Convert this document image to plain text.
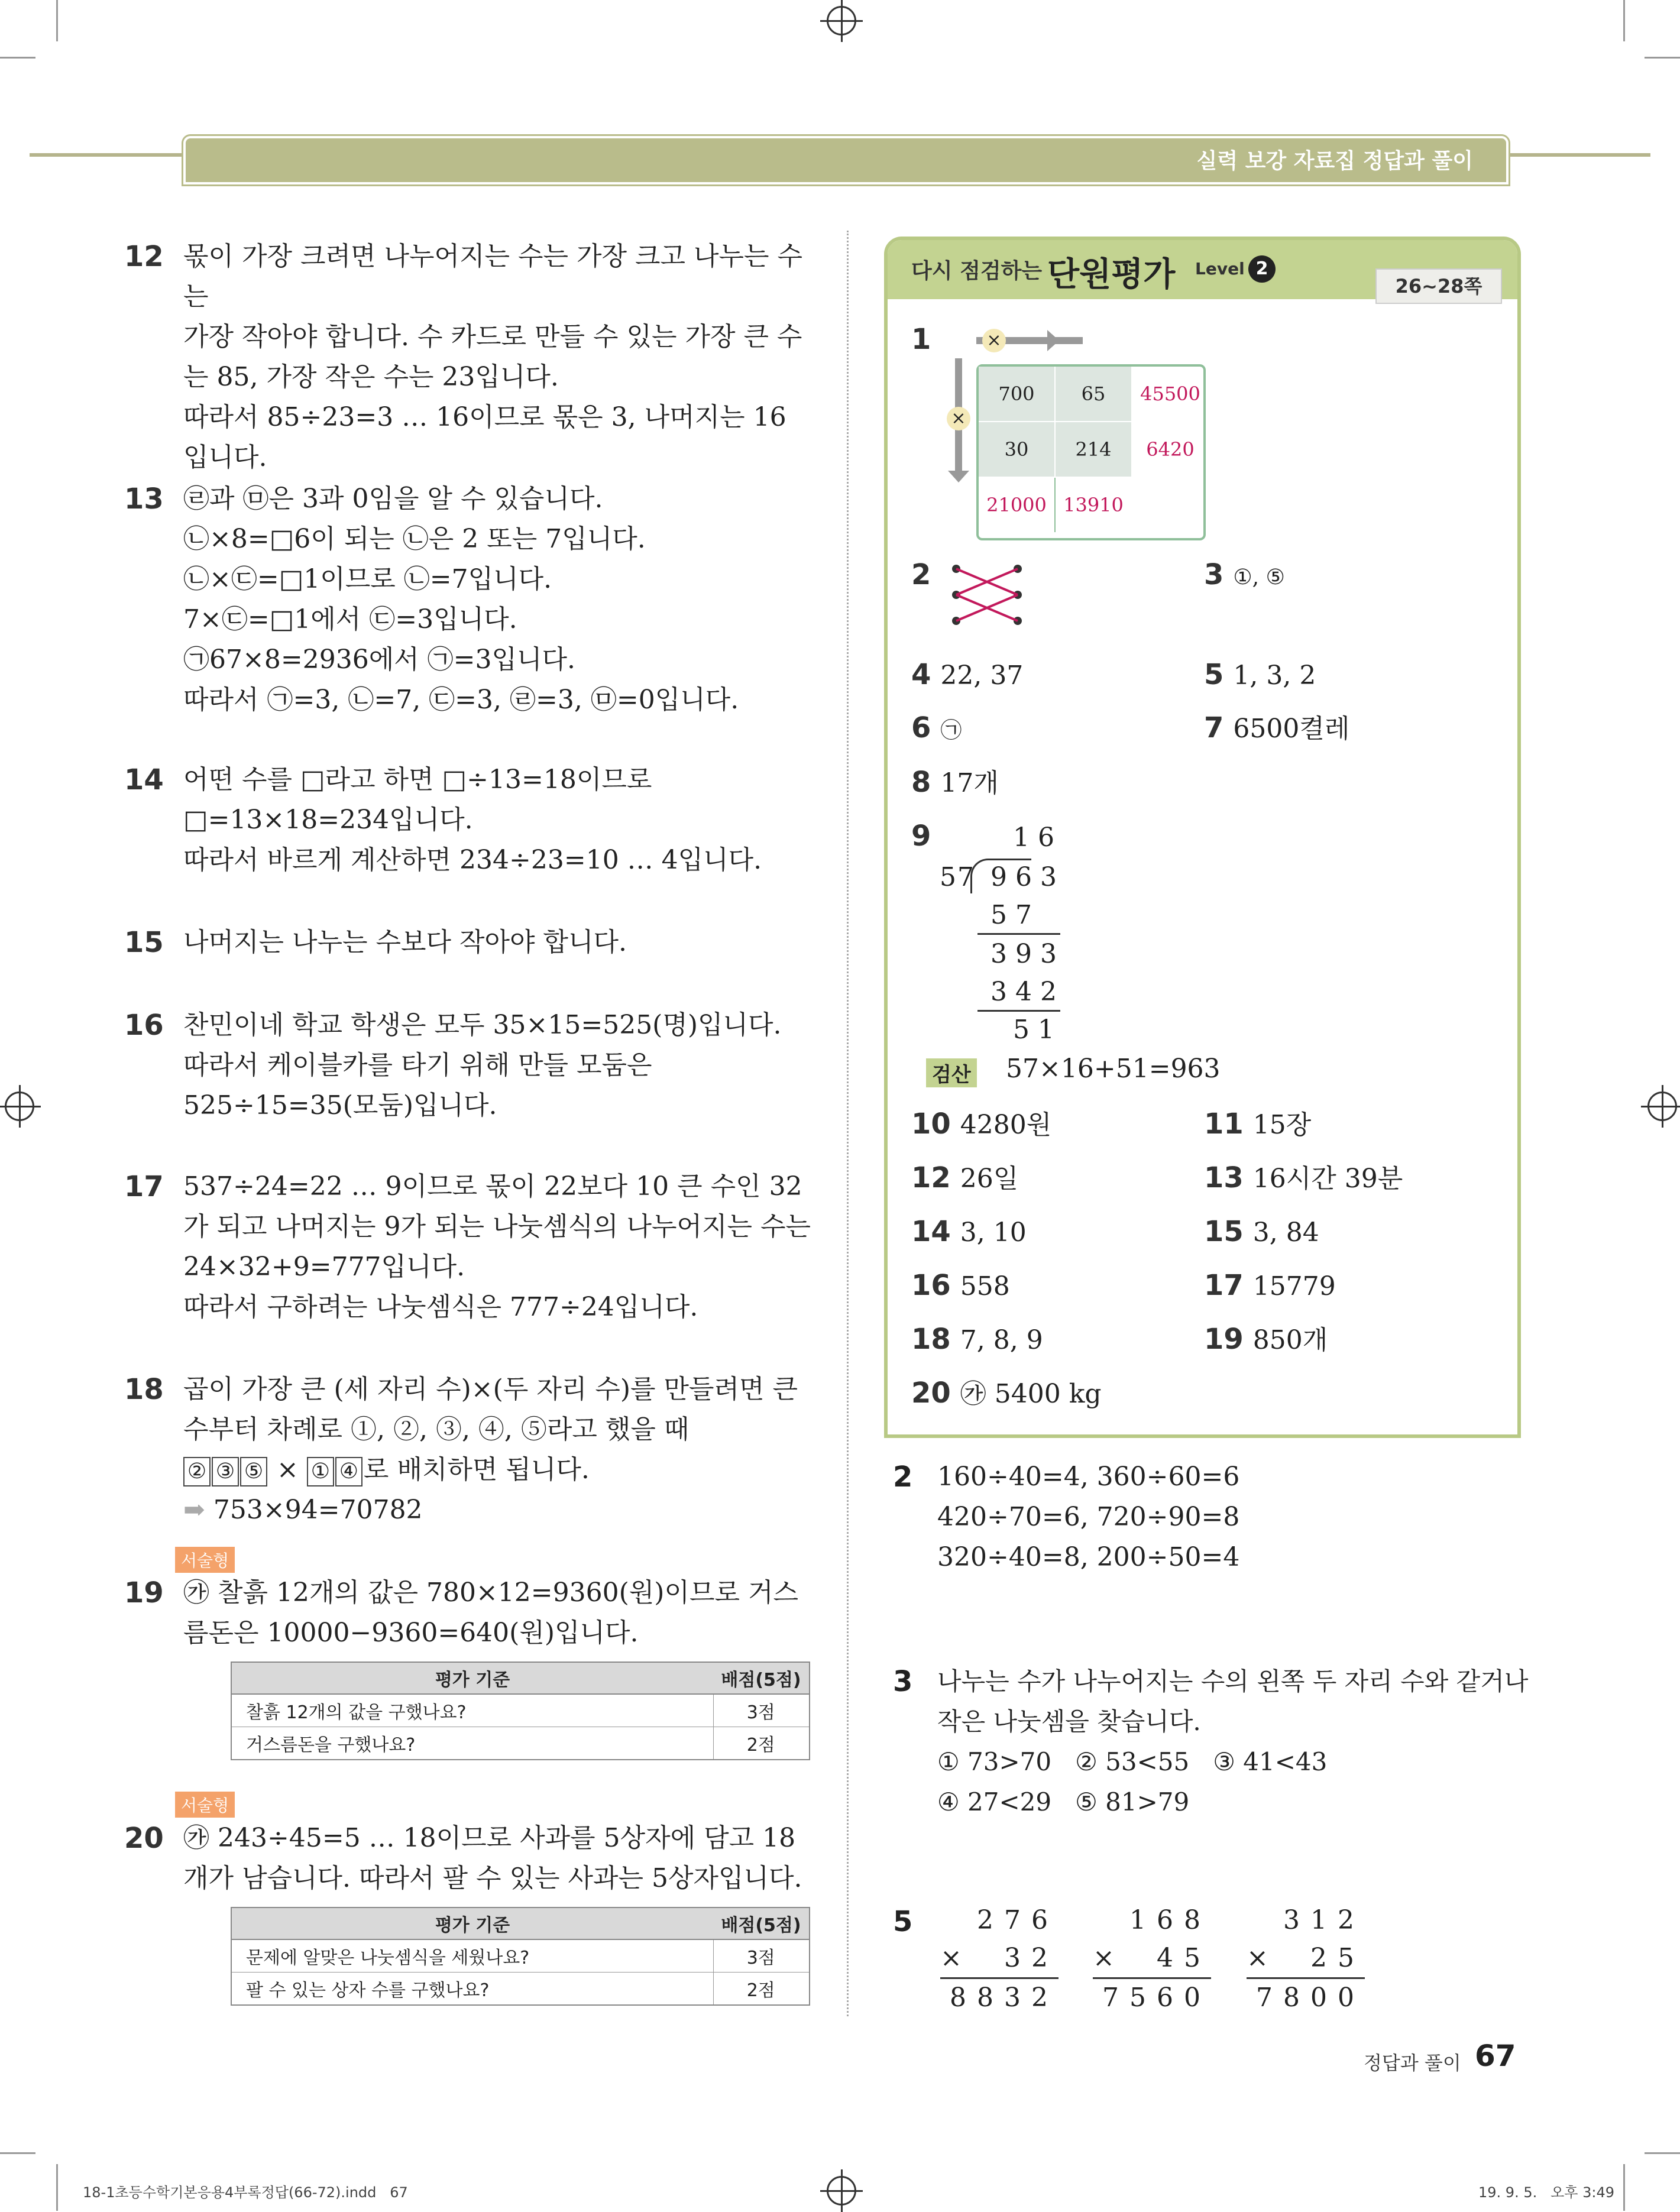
실력 보강 자료집 정답과 풀이
12 몫이 가장 크려면 나누어지는 수는 가장 크고 나누는 수는

가장 작아야 합니다. 수 카드로 만들 수 있는 가장 큰 수

는 85, 가장 작은 수는 23입니다.

따라서 85÷23=3 … 16이므로 몫은 3, 나머지는 16

입니다.

13 ㉣과 ㉤은 3과 0임을 알 수 있습니다.

㉡×8=□6이 되는 ㉡은 2 또는 7입니다.

㉡×㉢=□1이므로 ㉡=7입니다.

7×㉢=□1에서 ㉢=3입니다.

㉠67×8=2936에서 ㉠=3입니다.

따라서 ㉠=3, ㉡=7, ㉢=3, ㉣=3, ㉤=0입니다.

14 어떤 수를 □라고 하면 □÷13=18이므로

□=13×18=234입니다.

따라서 바르게 계산하면 234÷23=10 … 4입니다.

15 나머지는 나누는 수보다 작아야 합니다.

16 찬민이네 학교 학생은 모두 35×15=525(명)입니다.

따라서 케이블카를 타기 위해 만들 모둠은

525÷15=35(모둠)입니다.

17 537÷24=22 … 9이므로 몫이 22보다 10 큰 수인 32

가 되고 나머지는 9가 되는 나눗셈식의 나누어지는 수는

24×32+9=777입니다.

따라서 구하려는 나눗셈식은 777÷24입니다.

18 곱이 가장 큰 (세 자리 수)×(두 자리 수)를 만들려면 큰

수부터 차례로 ①, ②, ③, ④, ⑤라고 했을 때

② ③ ⑤ × ① ④ 로 배치하면 됩니다.

➡ 753×94=70782

서술형
19 ㉮ 찰흙 12개의 값은 780×12=9360(원)이므로 거스

름돈은 10000−9360=640(원)입니다.

평가 기준	배점(5점)
찰흙 12개의 값을 구했나요?	3점
거스름돈을 구했나요?	2점
서술형
20 ㉮ 243÷45=5 … 18이므로 사과를 5상자에 담고 18

개가 남습니다. 따라서 팔 수 있는 사과는 5상자입니다.

평가 기준	배점(5점)
문제에 알맞은 나눗셈식을 세웠나요?	3점
팔 수 있는 상자 수를 구했나요?	2점
다시 점검하는 단원평가 Level 2
26~28쪽
1	×
×
700	65	45500
30	214	6420
21000 13910
2	3 ①, ⑤
4 22, 37	5 1, 3, 2
6 ㉠	7 6500켤레
8 17개
9	16
57 963
57
393
342
51
검산 57×16+51=963
10 4280원	11 15장
12 26일	13 16시간 39분
14 3, 10	15 3, 84
16 558	17 15779
18 7, 8, 9	19 850개
20 ㉮ 5400 kg
2 160÷40=4, 360÷60=6
420÷70=6, 720÷90=8
320÷40=8, 200÷50=4
3 나누는 수가 나누어지는 수의 왼쪽 두 자리 수와 같거나
작은 나눗셈을 찾습니다.
① 73>70   ② 53<55   ③ 41<43
④ 27<29   ⑤ 81>79
5	276
× 32
8832
168
× 45
7560
312
× 25
7800
정답과 풀이 67
18-1초등수학기본응용4부록정답(66-72).indd   67	19. 9. 5.   오후 3:49
